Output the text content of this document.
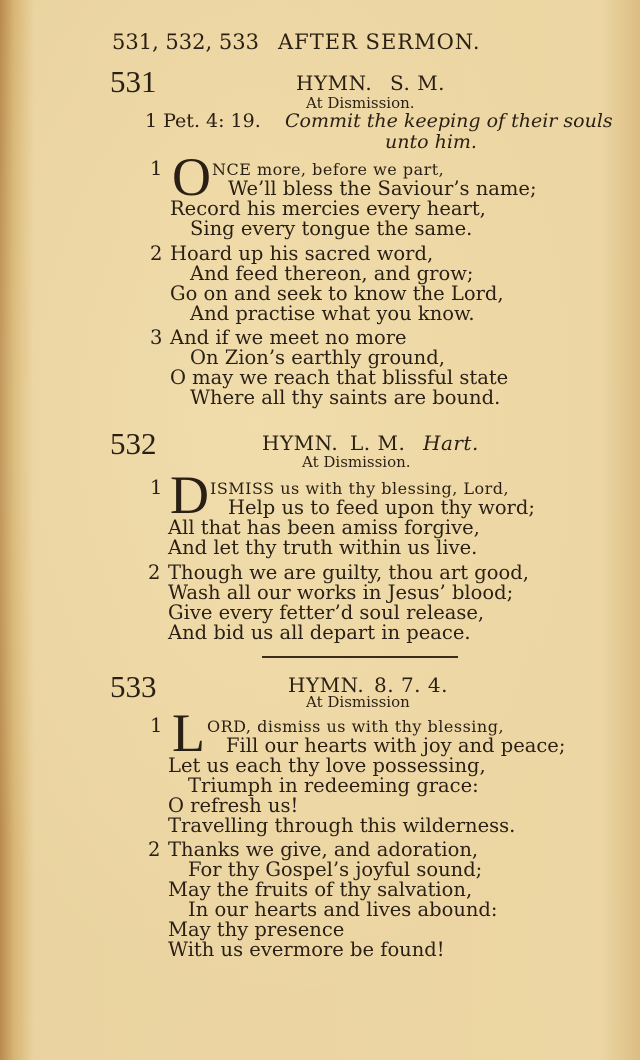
531, 532, 533 AFTER SERMON.
531	HYMN. S. M.
At Dismission.
1 Pet. 4: 19. Commit the keeping of their souls
unto him.
1 O NCE more, before we part,
We’ll bless the Saviour’s name;
Record his mercies every heart,
Sing every tongue the same.
2 Hoard up his sacred word,
And feed thereon, and grow;
Go on and seek to know the Lord,
And practise what you know.
3 And if we meet no more
On Zion’s earthly ground,
O may we reach that blissful state
Where all thy saints are bound.
532	HYMN. L. M. Hart.
At Dismission.
1 D ISMISS us with thy blessing, Lord,
Help us to feed upon thy word;
All that has been amiss forgive,
And let thy truth within us live.
2 Though we are guilty, thou art good,
Wash all our works in Jesus’ blood;
Give every fetter’d soul release,
And bid us all depart in peace.
533	HYMN. 8. 7. 4.
At Dismission
1 L ORD, dismiss us with thy blessing,
Fill our hearts with joy and peace;
Let us each thy love possessing,
Triumph in redeeming grace:
O refresh us!
Travelling through this wilderness.
2 Thanks we give, and adoration,
For thy Gospel’s joyful sound;
May the fruits of thy salvation,
In our hearts and lives abound:
May thy presence
With us evermore be found!
